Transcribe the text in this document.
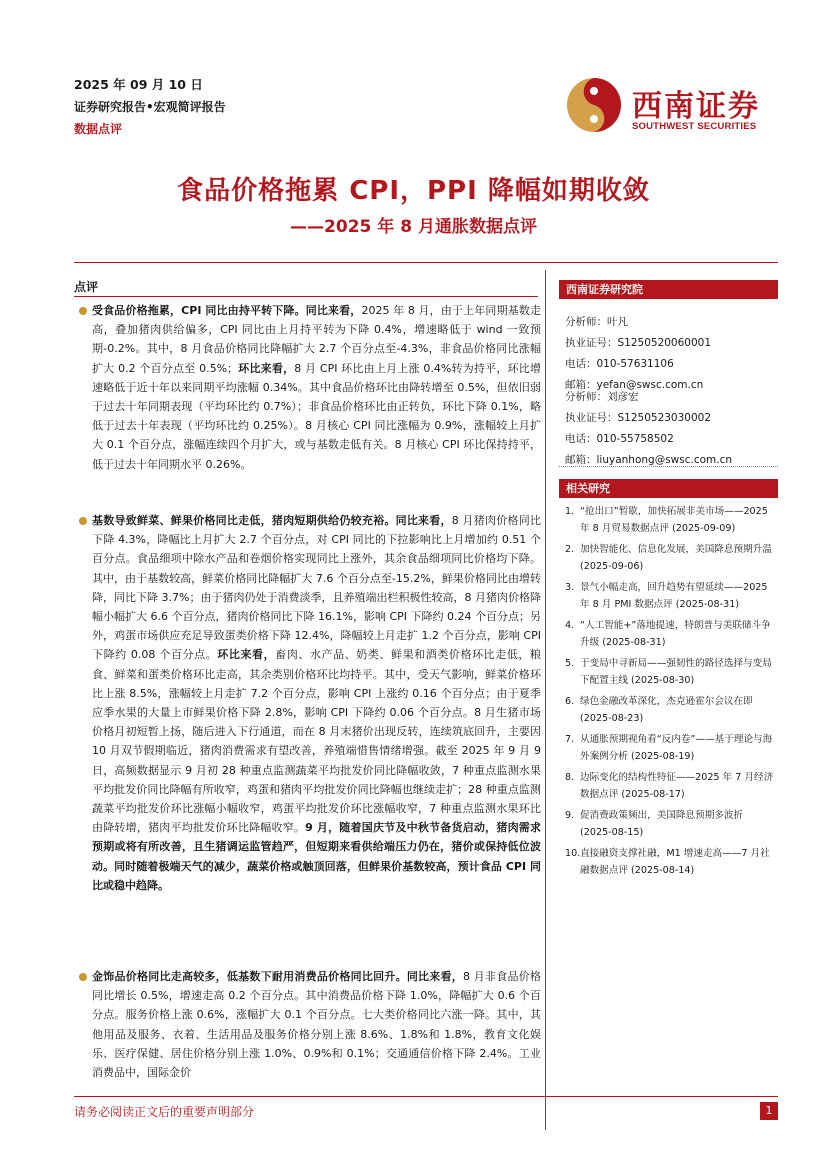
2025 年 09 月 10 日
证券研究报告•宏观简评报告
数据点评
西南证券
SOUTHWEST SECURITIES
食品价格拖累 CPI，PPI 降幅如期收敛
——2025 年 8 月通胀数据点评
点评
受食品价格拖累，CPI 同比由持平转下降。同比来看，2025 年 8 月，由于上年同期基数走高，叠加猪肉供给偏多，CPI 同比由上月持平转为下降 0.4%，增速略低于 wind 一致预期-0.2%。其中，8 月食品价格同比降幅扩大 2.7 个百分点至-4.3%，非食品价格同比涨幅扩大 0.2 个百分点至 0.5%；环比来看，8 月 CPI 环比由上月上涨 0.4%转为持平，环比增速略低于近十年以来同期平均涨幅 0.34%。其中食品价格环比由降转增至 0.5%，但依旧弱于过去十年同期表现（平均环比约 0.7%）；非食品价格环比由正转负，环比下降 0.1%，略低于过去十年表现（平均环比约 0.25%）。8 月核心 CPI 同比涨幅为 0.9%，涨幅较上月扩大 0.1 个百分点，涨幅连续四个月扩大，或与基数走低有关。8 月核心 CPI 环比保持持平，低于过去十年同期水平 0.26%。
基数导致鲜菜、鲜果价格同比走低，猪肉短期供给仍较充裕。同比来看，8 月猪肉价格同比下降 4.3%，降幅比上月扩大 2.7 个百分点，对 CPI 同比的下拉影响比上月增加约 0.51 个百分点。食品细项中除水产品和卷烟价格实现同比上涨外，其余食品细项同比价格均下降。其中，由于基数较高，鲜菜价格同比降幅扩大 7.6 个百分点至-15.2%，鲜果价格同比由增转降，同比下降 3.7%；由于猪肉仍处于消费淡季，且养殖端出栏积极性较高，8 月猪肉价格降幅小幅扩大 6.6 个百分点，猪肉价格同比下降 16.1%，影响 CPI 下降约 0.24 个百分点；另外，鸡蛋市场供应充足导致蛋类价格下降 12.4%，降幅较上月走扩 1.2 个百分点，影响 CPI 下降约 0.08 个百分点。环比来看，畜肉、水产品、奶类、鲜果和酒类价格环比走低，粮食、鲜菜和蛋类价格环比走高，其余类别价格环比均持平。其中，受天气影响，鲜菜价格环比上涨 8.5%，涨幅较上月走扩 7.2 个百分点，影响 CPI 上涨约 0.16 个百分点；由于夏季应季水果的大量上市鲜果价格下降 2.8%，影响 CPI 下降约 0.06 个百分点。8 月生猪市场价格月初短暂上扬，随后进入下行通道，而在 8 月末猪价出现反转，连续筑底回升，主要因 10 月双节假期临近，猪肉消费需求有望改善，养殖端惜售情绪增强。截至 2025 年 9 月 9 日，高频数据显示 9 月初 28 种重点监测蔬菜平均批发价同比降幅收敛，7 种重点监测水果平均批发价同比降幅有所收窄，鸡蛋和猪肉平均批发价同比降幅也继续走扩；28 种重点监测蔬菜平均批发价环比涨幅小幅收窄，鸡蛋平均批发价环比涨幅收窄，7 种重点监测水果环比由降转增，猪肉平均批发价环比降幅收窄。9 月，随着国庆节及中秋节备货启动，猪肉需求预期或将有所改善，且生猪调运监管趋严，但短期来看供给端压力仍在，猪价或保持低位波动。同时随着极端天气的减少，蔬菜价格或触顶回落，但鲜果价基数较高，预计食品 CPI 同比或稳中趋降。
金饰品价格同比走高较多，低基数下耐用消费品价格同比回升。同比来看，8 月非食品价格同比增长 0.5%，增速走高 0.2 个百分点。其中消费品价格下降 1.0%，降幅扩大 0.6 个百分点。服务价格上涨 0.6%，涨幅扩大 0.1 个百分点。七大类价格同比六涨一降。其中，其他用品及服务、衣着、生活用品及服务价格分别上涨 8.6%、1.8%和 1.8%，教育文化娱乐、医疗保健、居住价格分别上涨 1.0%、0.9%和 0.1%；交通通信价格下降 2.4%。工业消费品中，国际金价
西南证券研究院
分析师：叶凡
执业证号：S1250520060001
电话：010-57631106
邮箱：yefan@swsc.com.cn
分析师：刘彦宏
执业证号：S1250523030002
电话：010-55758502
邮箱：liuyanhong@swsc.com.cn
相关研究
1. “抢出口”暂歇，加快拓展非美市场——2025 年 8 月贸易数据点评 (2025-09-09)
2. 加快智能化、信息化发展，美国降息预期升温 (2025-09-06)
3. 景气小幅走高，回升趋势有望延续——2025 年 8 月 PMI 数据点评 (2025-08-31)
4. “人工智能+”落地提速，特朗普与美联储斗争升级 (2025-08-31)
5. 于变局中寻新局——强韧性的路径选择与变局下配置主线 (2025-08-30)
6. 绿色金融改革深化，杰克逊霍尔会议在即 (2025-08-23)
7. 从通胀预期视角看“反内卷”——基于理论与海外案例分析 (2025-08-19)
8. 边际变化的结构性特征——2025 年 7 月经济数据点评 (2025-08-17)
9. 促消费政策频出，美国降息预期多波折 (2025-08-15)
10. 直接融资支撑社融，M1 增速走高——7 月社融数据点评 (2025-08-14)
请务必阅读正文后的重要声明部分	1
